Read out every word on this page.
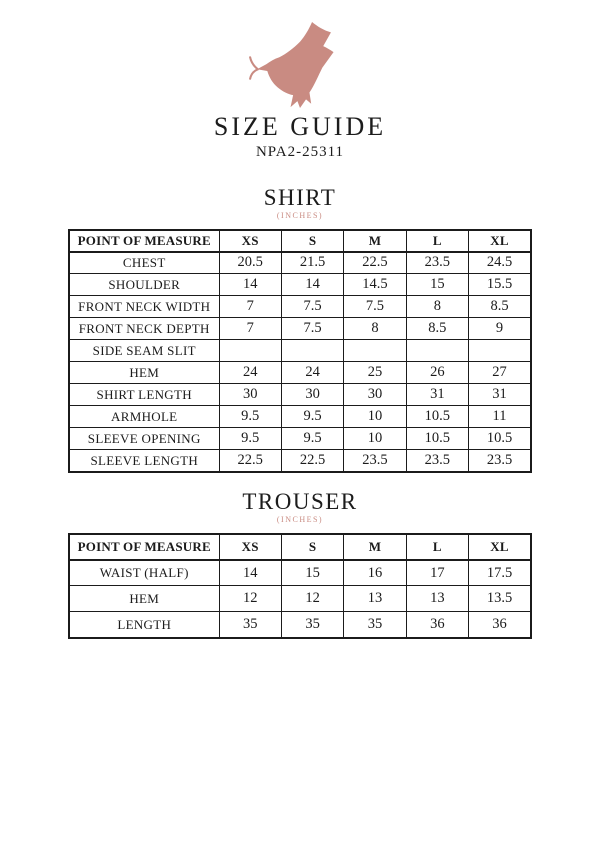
SIZE GUIDE
NPA2-25311
SHIRT
(INCHES)
POINT OF MEASURE	XS	S	M	L	XL
CHEST	20.5	21.5	22.5	23.5	24.5
SHOULDER	14	14	14.5	15	15.5
FRONT NECK WIDTH	7	7.5	7.5	8	8.5
FRONT NECK DEPTH	7	7.5	8	8.5	9
SIDE SEAM SLIT					
HEM	24	24	25	26	27
SHIRT LENGTH	30	30	30	31	31
ARMHOLE	9.5	9.5	10	10.5	11
SLEEVE OPENING	9.5	9.5	10	10.5	10.5
SLEEVE LENGTH	22.5	22.5	23.5	23.5	23.5
TROUSER
(INCHES)
POINT OF MEASURE	XS	S	M	L	XL
WAIST (HALF)	14	15	16	17	17.5
HEM	12	12	13	13	13.5
LENGTH	35	35	35	36	36
